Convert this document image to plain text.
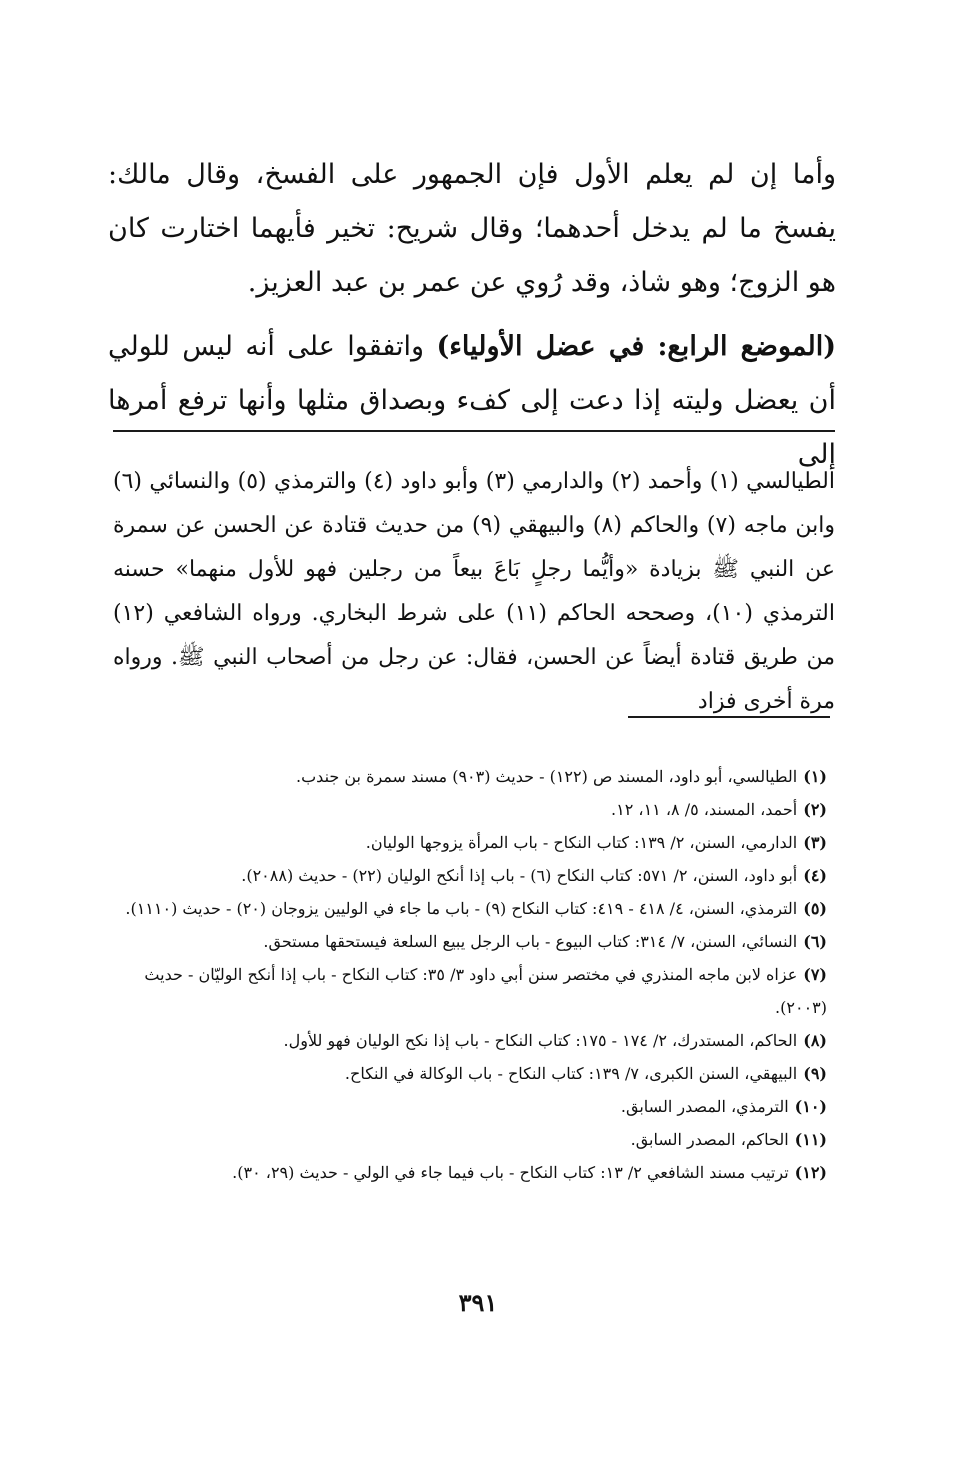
وأما إن لم يعلم الأول فإن الجمهور على الفسخ، وقال مالك: يفسخ ما لم يدخل أحدهما؛ وقال شريح: تخير فأيهما اختارت كان هو الزوج؛ وهو شاذ، وقد رُوي عن عمر بن عبد العزيز.

(الموضع الرابع: في عضل الأولياء) واتفقوا على أنه ليس للولي أن يعضل وليته إذا دعت إلى كفء وبصداق مثلها وأنها ترفع أمرها إلى

الطيالسي (١) وأحمد (٢) والدارمي (٣) وأبو داود (٤) والترمذي (٥) والنسائي (٦) وابن ماجه (٧) والحاكم (٨) والبيهقي (٩) من حديث قتادة عن الحسن عن سمرة عن النبي ﷺ بزيادة «وأيُّما رجلٍ بَاعَ بيعاً من رجلين فهو للأول منهما» حسنه الترمذي (١٠)، وصححه الحاكم (١١) على شرط البخاري. ورواه الشافعي (١٢) من طريق قتادة أيضاً عن الحسن، فقال: عن رجل من أصحاب النبي ﷺ. ورواه مرة أخرى فزاد

(١)الطيالسي، أبو داود، المسند ص (١٢٢) - حديث (٩٠٣) مسند سمرة بن جندب.

(٢)أحمد، المسند، ٥/ ٨، ١١، ١٢.

(٣)الدارمي، السنن، ٢/ ١٣٩: كتاب النكاح - باب المرأة يزوجها الوليان.

(٤)أبو داود، السنن، ٢/ ٥٧١: كتاب النكاح (٦) - باب إذا أنكح الوليان (٢٢) - حديث (٢٠٨٨).

(٥)الترمذي، السنن، ٤/ ٤١٨ - ٤١٩: كتاب النكاح (٩) - باب ما جاء في الوليين يزوجان (٢٠) - حديث (١١١٠).

(٦)النسائي، السنن، ٧/ ٣١٤: كتاب البيوع - باب الرجل يبيع السلعة فيستحقها مستحق.

(٧)عزاه لابن ماجه المنذري في مختصر سنن أبي داود ٣/ ٣٥: كتاب النكاح - باب إذا أنكح الوليّان - حديث (٢٠٠٣).

(٨)الحاكم، المستدرك، ٢/ ١٧٤ - ١٧٥: كتاب النكاح - باب إذا نكح الوليان فهو للأول.

(٩)البيهقي، السنن الكبرى، ٧/ ١٣٩: كتاب النكاح - باب الوكالة في النكاح.

(١٠)الترمذي، المصدر السابق.

(١١)الحاكم، المصدر السابق.

(١٢)ترتيب مسند الشافعي ٢/ ١٣: كتاب النكاح - باب فيما جاء في الولي - حديث (٢٩، ٣٠).

٣٩١
